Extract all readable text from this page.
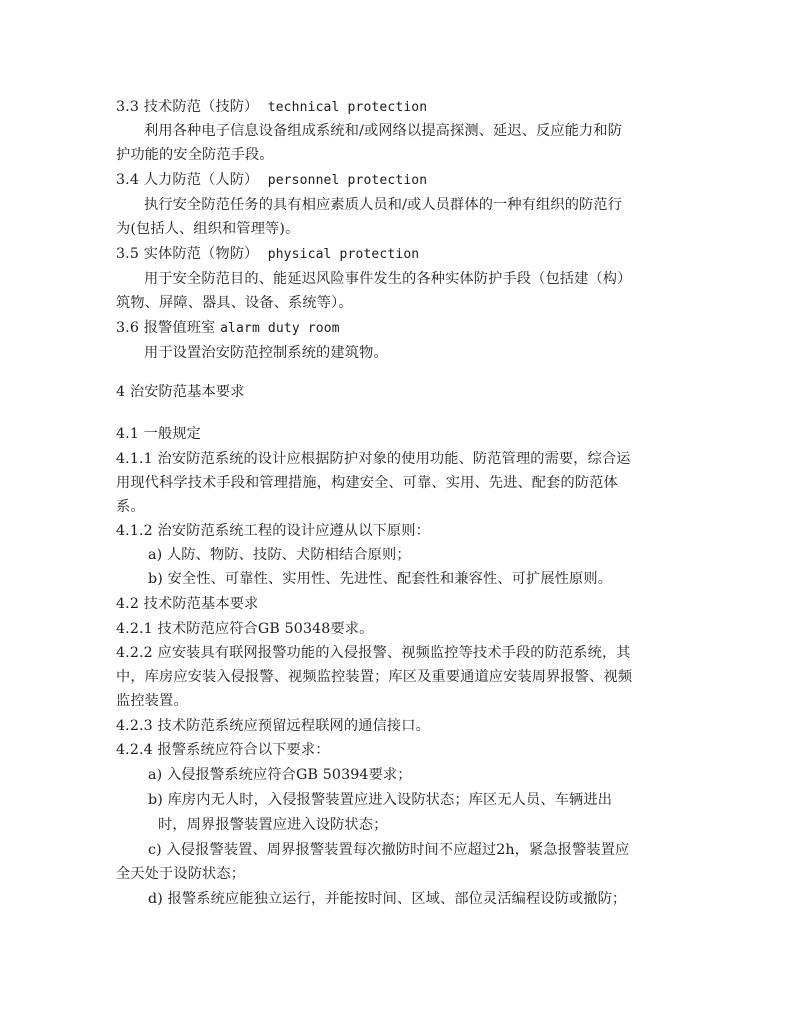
3.3 技术防范（技防） technical protection
利用各种电子信息设备组成系统和/或网络以提高探测、延迟、反应能力和防
护功能的安全防范手段。
3.4 人力防范（人防） personnel protection
执行安全防范任务的具有相应素质人员和/或人员群体的一种有组织的防范行
为(包括人、组织和管理等)。
3.5 实体防范（物防） physical protection
用于安全防范目的、能延迟风险事件发生的各种实体防护手段（包括建（构）
筑物、屏障、器具、设备、系统等）。
3.6 报警值班室 alarm duty room
用于设置治安防范控制系统的建筑物。
4 治安防范基本要求
4.1 一般规定
4.1.1 治安防范系统的设计应根据防护对象的使用功能、防范管理的需要，综合运
用现代科学技术手段和管理措施，构建安全、可靠、实用、先进、配套的防范体
系。
4.1.2 治安防范系统工程的设计应遵从以下原则：
a) 人防、物防、技防、犬防相结合原则；
b) 安全性、可靠性、实用性、先进性、配套性和兼容性、可扩展性原则。
4.2 技术防范基本要求
4.2.1 技术防范应符合GB 50348要求。
4.2.2 应安装具有联网报警功能的入侵报警、视频监控等技术手段的防范系统，其
中，库房应安装入侵报警、视频监控装置；库区及重要通道应安装周界报警、视频
监控装置。
4.2.3 技术防范系统应预留远程联网的通信接口。
4.2.4 报警系统应符合以下要求：
a) 入侵报警系统应符合GB 50394要求；
b) 库房内无人时，入侵报警装置应进入设防状态；库区无人员、车辆进出
时，周界报警装置应进入设防状态；
c) 入侵报警装置、周界报警装置每次撤防时间不应超过2h，紧急报警装置应
全天处于设防状态；
d) 报警系统应能独立运行，并能按时间、区域、部位灵活编程设防或撤防；
